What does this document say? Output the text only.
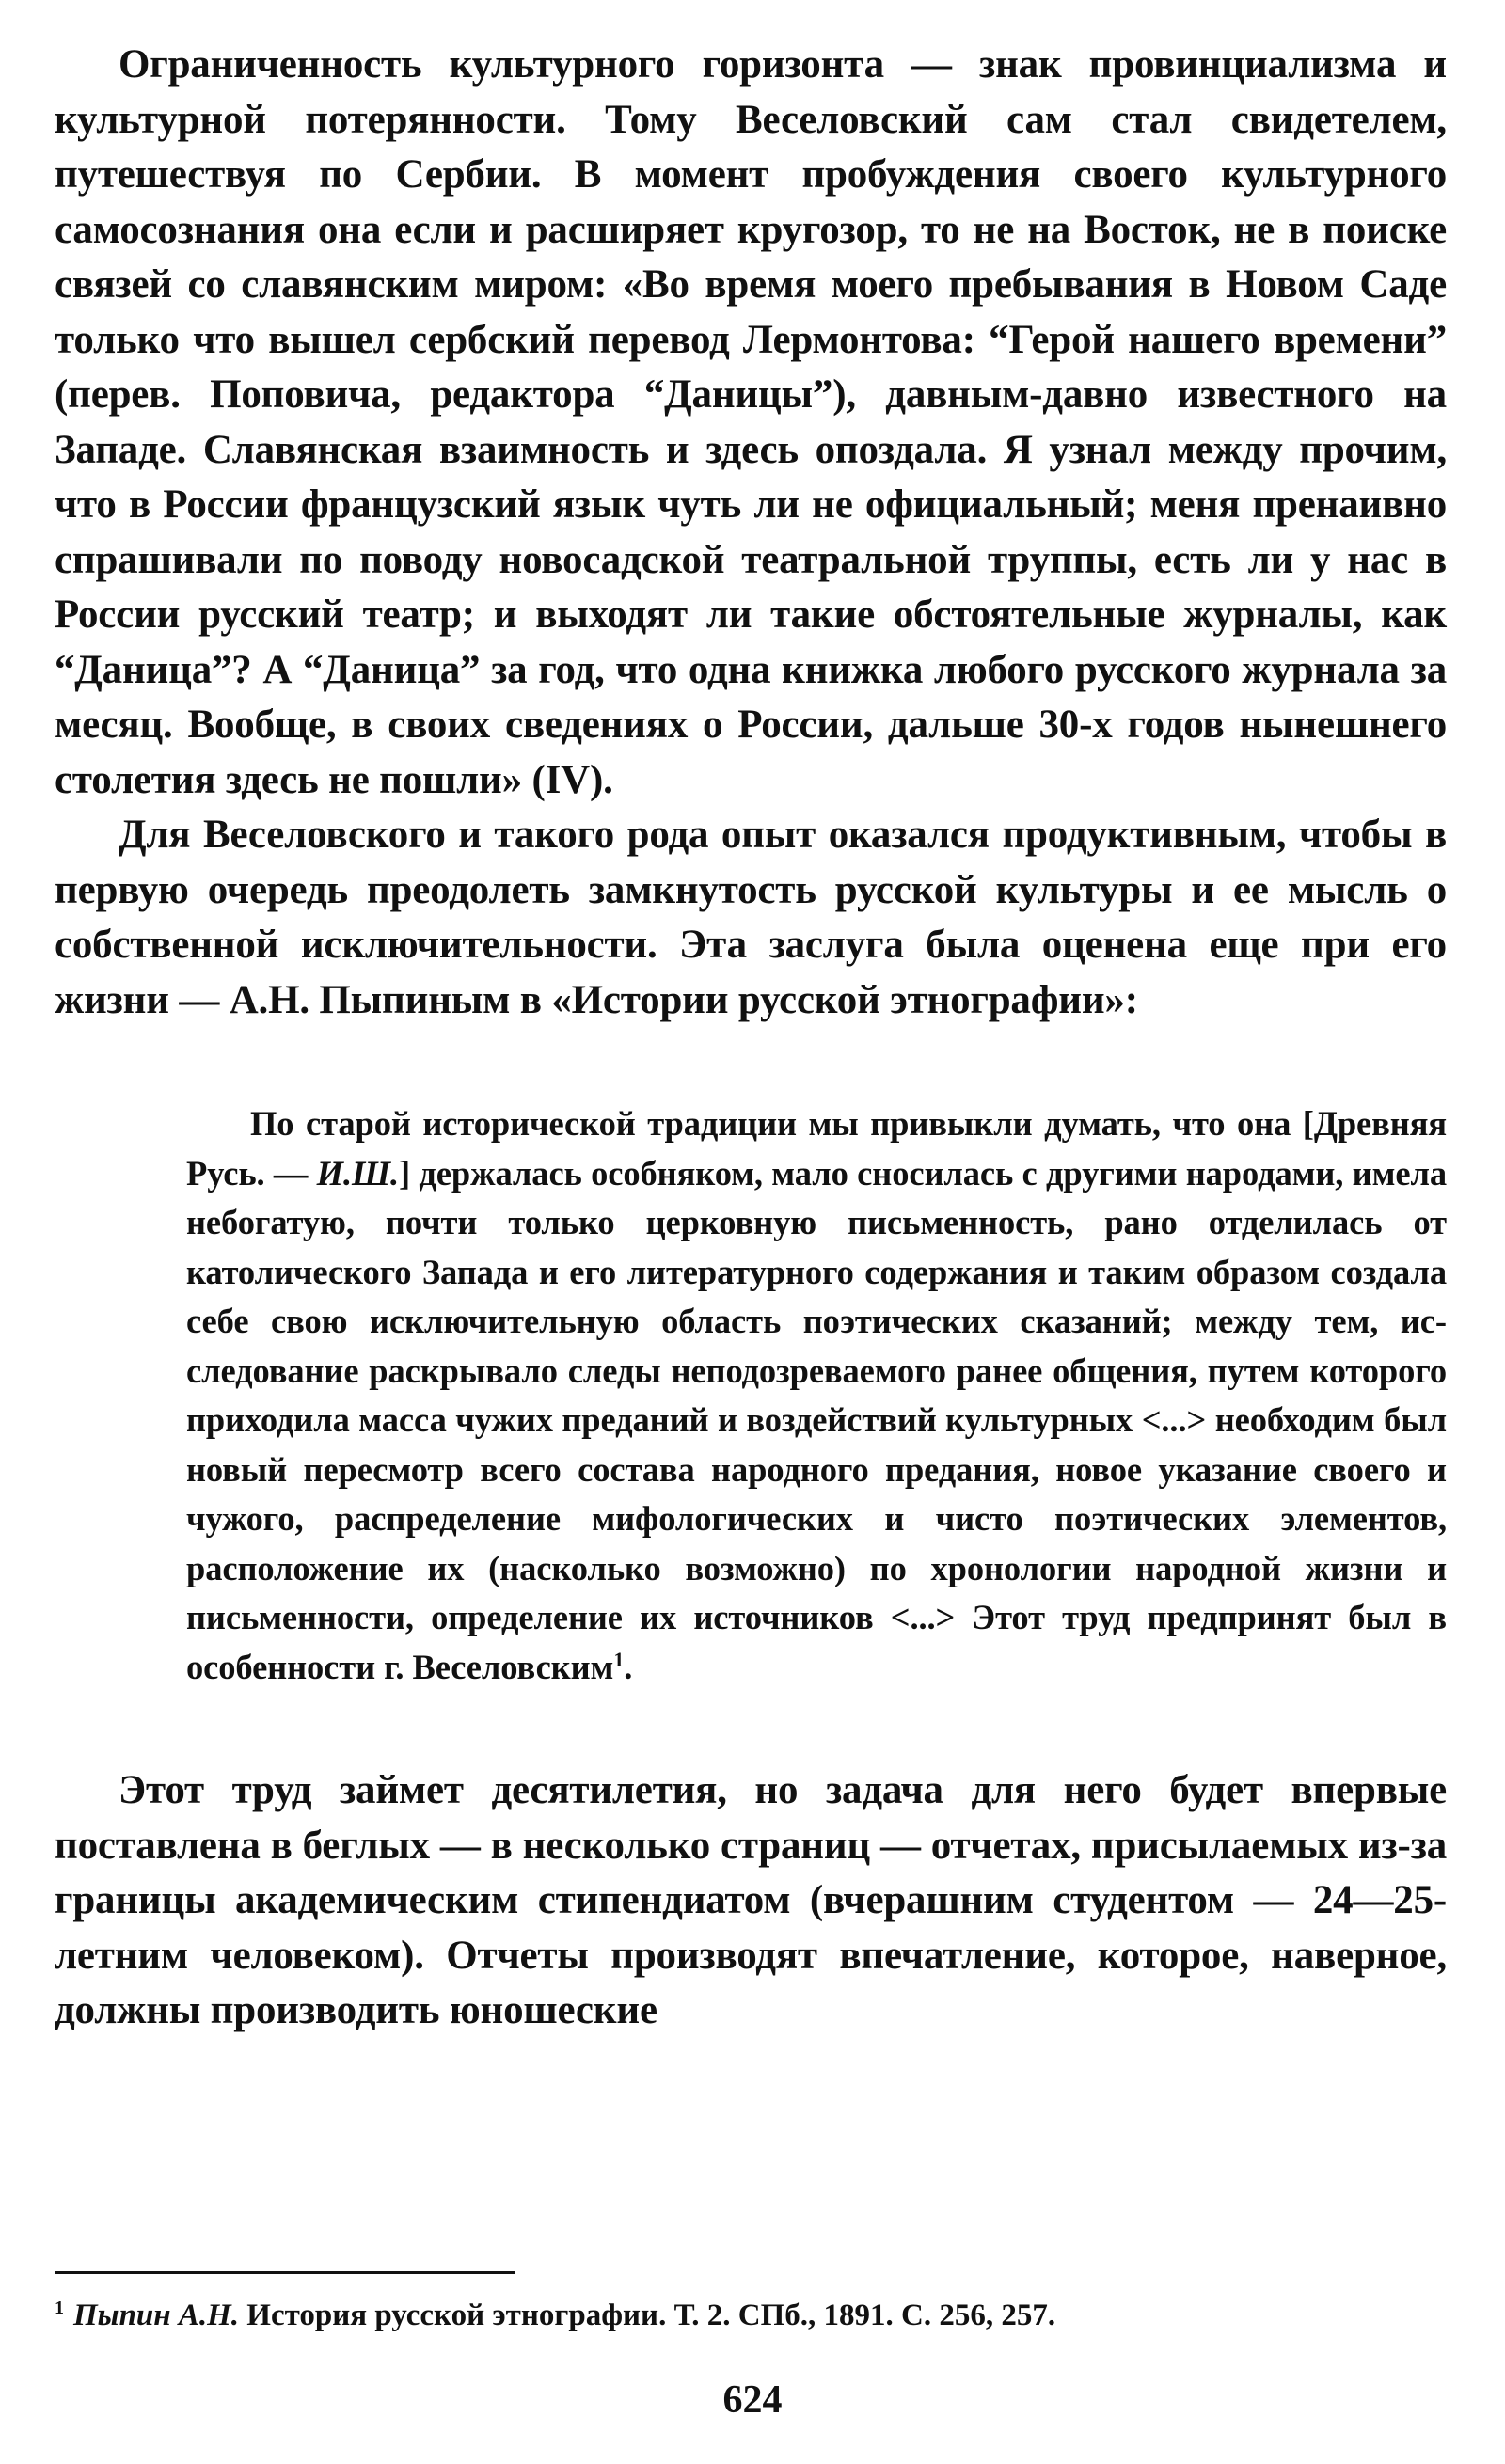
Ограниченность культурного горизонта — знак провинциализма и культурной потерянности. Тому Веселовский сам стал свидетелем, путешествуя по Сербии. В момент пробуждения своего культурного самосознания она если и расширяет кругозор, то не на Восток, не в поиске связей со славянским миром: «Во время моего пребывания в Новом Саде только что вышел сербский перевод Лермонтова: “Герой нашего времени” (перев. Поповича, редактора “Даницы”), давным-давно известного на Западе. Славянская взаимность и здесь опоздала. Я узнал между прочим, что в России французский язык чуть ли не официальный; меня пренаивно спрашивали по поводу новосадской театральной труппы, есть ли у нас в России русский театр; и выходят ли такие обстоятельные журналы, как “Даница”? А “Даница” за год, что одна книжка любого русского журнала за месяц. Вообще, в своих сведениях о России, дальше 30-х годов нынешнего столетия здесь не пошли» (IV).

Для Веселовского и такого рода опыт оказался продуктивным, чтобы в первую очередь преодолеть замкнутость русской культуры и ее мысль о собственной исключительности. Эта заслуга была оценена еще при его жизни — А.Н. Пыпиным в «Истории русской этнографии»:

По старой исторической традиции мы привыкли думать, что она [Древняя Русь. — И.Ш.] держалась особняком, мало сносилась с другими народами, имела небогатую, почти только церковную письменность, рано отделилась от католического Запада и его литературного содержания и таким образом создала себе свою исключительную область поэтических сказаний; между тем, исследование раскрывало следы неподозреваемого ранее общения, путем которого приходила масса чужих преданий и воздействий культурных <...> необходим был новый пересмотр всего состава народного предания, новое указание своего и чужого, распределение мифологических и чисто поэтических элементов, расположение их (насколько возможно) по хронологии народной жизни и письменности, определение их источников <...> Этот труд предпринят был в особенности г. Веселовским$^1$.

Этот труд займет десятилетия, но задача для него будет впервые поставлена в беглых — в несколько страниц — отчетах, присылаемых из-за границы академическим стипендиатом (вчерашним студентом — 24—25-летним человеком). Отчеты производят впечатление, которое, наверное, должны производить юношеские

$^1$ Пыпин А.Н. История русской этнографии. Т. 2. СПб., 1891. С. 256, 257.
624
